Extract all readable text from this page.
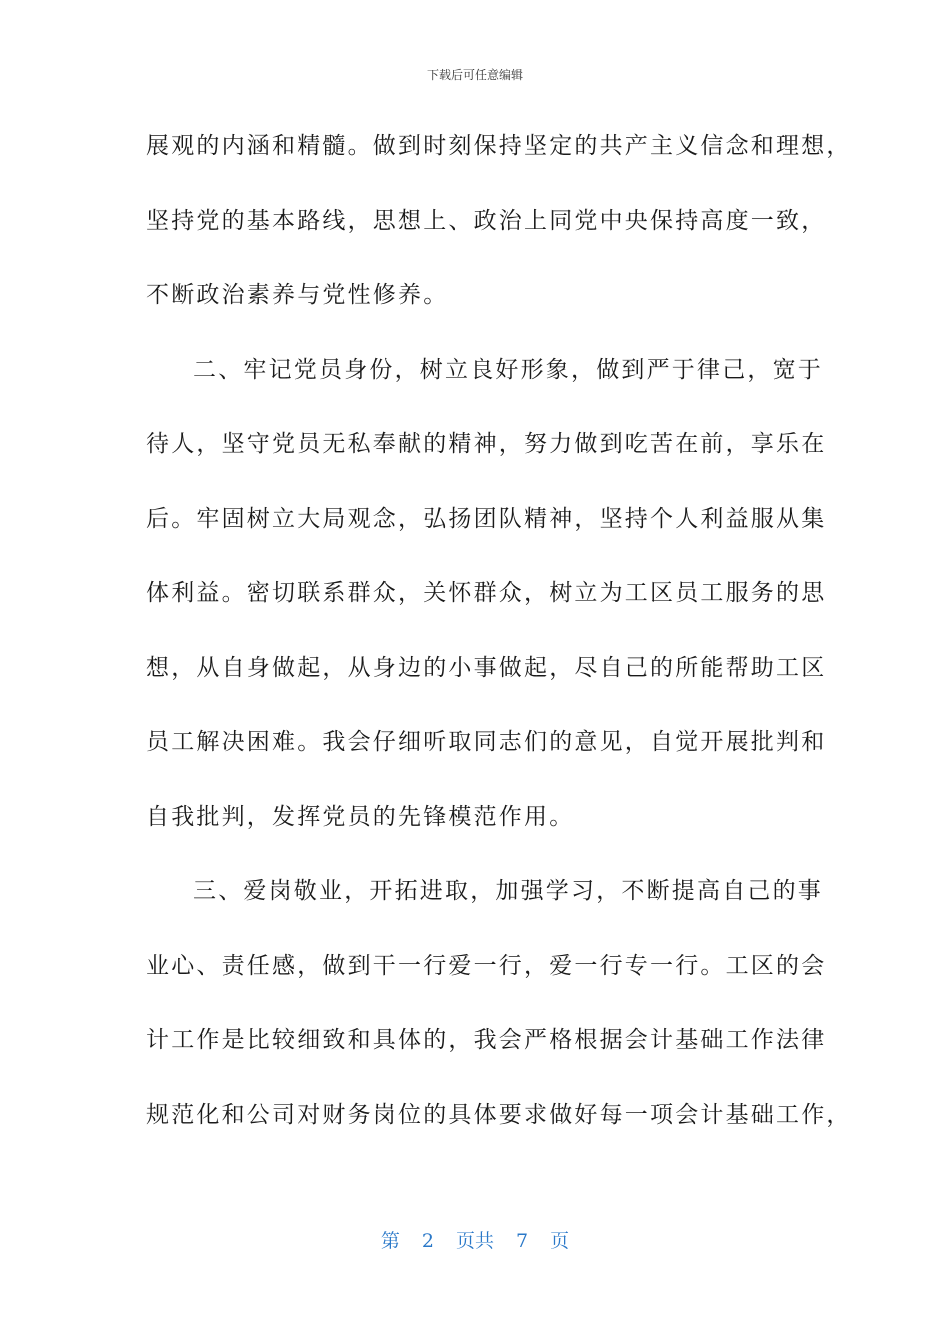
下载后可任意编辑
展观的内涵和精髓。做到时刻保持坚定的共产主义信念和理想，
坚持党的基本路线，思想上、政治上同党中央保持高度一致，
不断政治素养与党性修养。
二、牢记党员身份，树立良好形象，做到严于律己，宽于
待人，坚守党员无私奉献的精神，努力做到吃苦在前，享乐在
后。牢固树立大局观念，弘扬团队精神，坚持个人利益服从集
体利益。密切联系群众，关怀群众，树立为工区员工服务的思
想，从自身做起，从身边的小事做起，尽自己的所能帮助工区
员工解决困难。我会仔细听取同志们的意见，自觉开展批判和
自我批判，发挥党员的先锋模范作用。
三、爱岗敬业，开拓进取，加强学习，不断提高自己的事
业心、责任感，做到干一行爱一行，爱一行专一行。工区的会
计工作是比较细致和具体的，我会严格根据会计基础工作法律
规范化和公司对财务岗位的具体要求做好每一项会计基础工作，
第 2 页共 7 页
